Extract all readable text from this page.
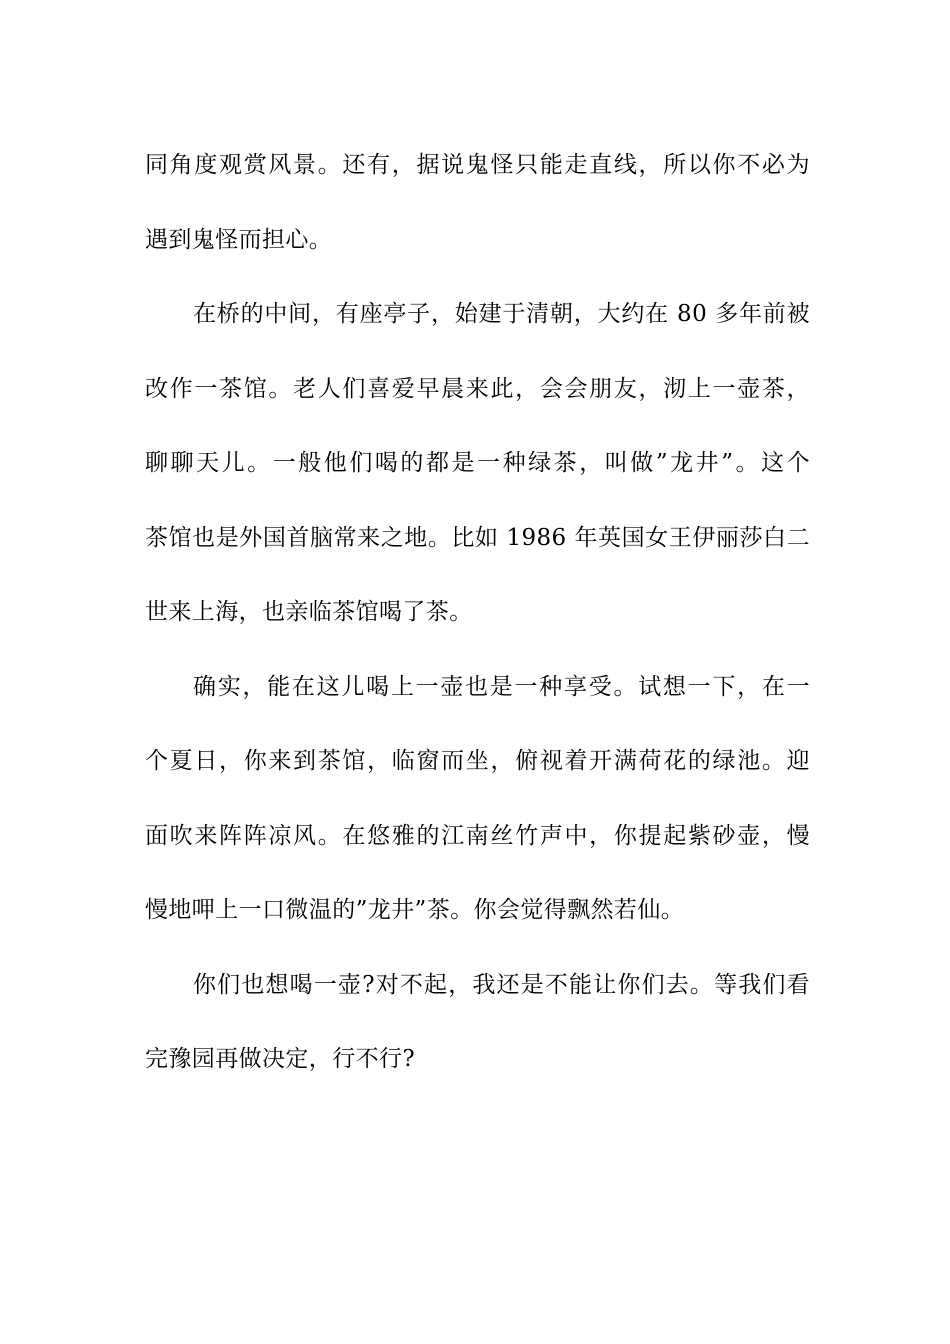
同角度观赏风景。还有，据说鬼怪只能走直线，所以你不必为
遇到鬼怪而担心。
在桥的中间，有座亭子，始建于清朝，大约在 80 多年前被
改作一茶馆。老人们喜爱早晨来此，会会朋友，沏上一壶茶，
聊聊天儿。一般他们喝的都是一种绿茶，叫做”龙井”。这个
茶馆也是外国首脑常来之地。比如 1986 年英国女王伊丽莎白二
世来上海，也亲临茶馆喝了茶。
确实，能在这儿喝上一壶也是一种享受。试想一下，在一
个夏日，你来到茶馆，临窗而坐，俯视着开满荷花的绿池。迎
面吹来阵阵凉风。在悠雅的江南丝竹声中，你提起紫砂壶，慢
慢地呷上一口微温的”龙井”茶。你会觉得飘然若仙。
你们也想喝一壶?对不起，我还是不能让你们去。等我们看
完豫园再做决定，行不行?
